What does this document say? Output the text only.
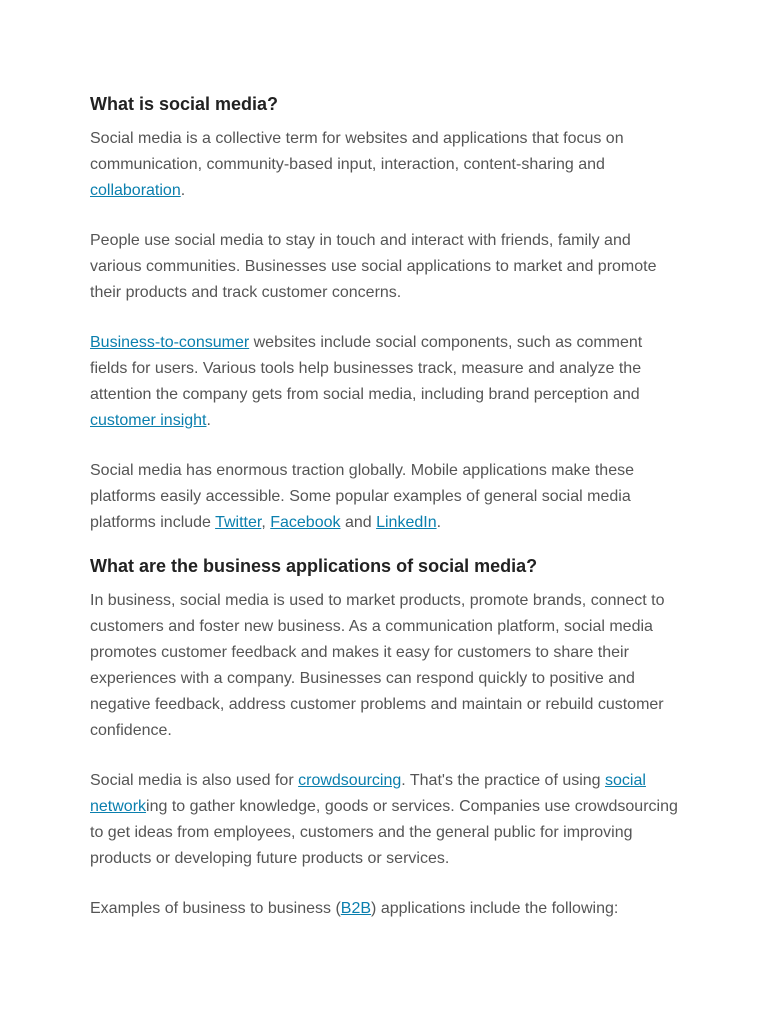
What is social media?

Social media is a collective term for websites and applications that focus on communication, community-based input, interaction, content-sharing and collaboration.

People use social media to stay in touch and interact with friends, family and various communities. Businesses use social applications to market and promote their products and track customer concerns.

Business-to-consumer websites include social components, such as comment fields for users. Various tools help businesses track, measure and analyze the attention the company gets from social media, including brand perception and customer insight.

Social media has enormous traction globally. Mobile applications make these platforms easily accessible. Some popular examples of general social media platforms include Twitter, Facebook and LinkedIn.

What are the business applications of social media?

In business, social media is used to market products, promote brands, connect to customers and foster new business. As a communication platform, social media promotes customer feedback and makes it easy for customers to share their experiences with a company. Businesses can respond quickly to positive and negative feedback, address customer problems and maintain or rebuild customer confidence.

Social media is also used for crowdsourcing. That's the practice of using social networking to gather knowledge, goods or services. Companies use crowdsourcing to get ideas from employees, customers and the general public for improving products or developing future products or services.

Examples of business to business (B2B) applications include the following:
